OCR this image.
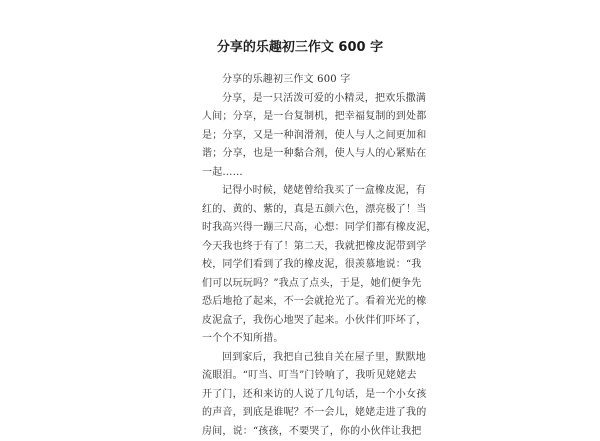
分享的乐趣初三作文 600 字
分享的乐趣初三作文 600 字
分享，是一只活泼可爱的小精灵，把欢乐撒满
人间；分享，是一台复制机，把幸福复制的到处都
是；分享，又是一种润滑剂，使人与人之间更加和
谐；分享，也是一种黏合剂，使人与人的心紧贴在
一起……
记得小时候，姥姥曾给我买了一盒橡皮泥，有
红的、黄的、紫的，真是五颜六色，漂亮极了！当
时我高兴得一蹦三尺高，心想：同学们都有橡皮泥，
今天我也终于有了！第二天，我就把橡皮泥带到学
校，同学们看到了我的橡皮泥，很羡慕地说：“我
们可以玩玩吗？”我点了点头，于是，她们便争先
恐后地抢了起来，不一会就抢光了。看着光光的橡
皮泥盒子，我伤心地哭了起来。小伙伴们吓坏了，
一个个不知所措。
回到家后，我把自己独自关在屋子里，默默地
流眼泪。“叮当、叮当”门铃响了，我听见姥姥去
开了门，还和来访的人说了几句话，是一个小女孩
的声音，到底是谁呢？不一会儿，姥姥走进了我的
房间，说：“孩孩，不要哭了，你的小伙伴让我把
